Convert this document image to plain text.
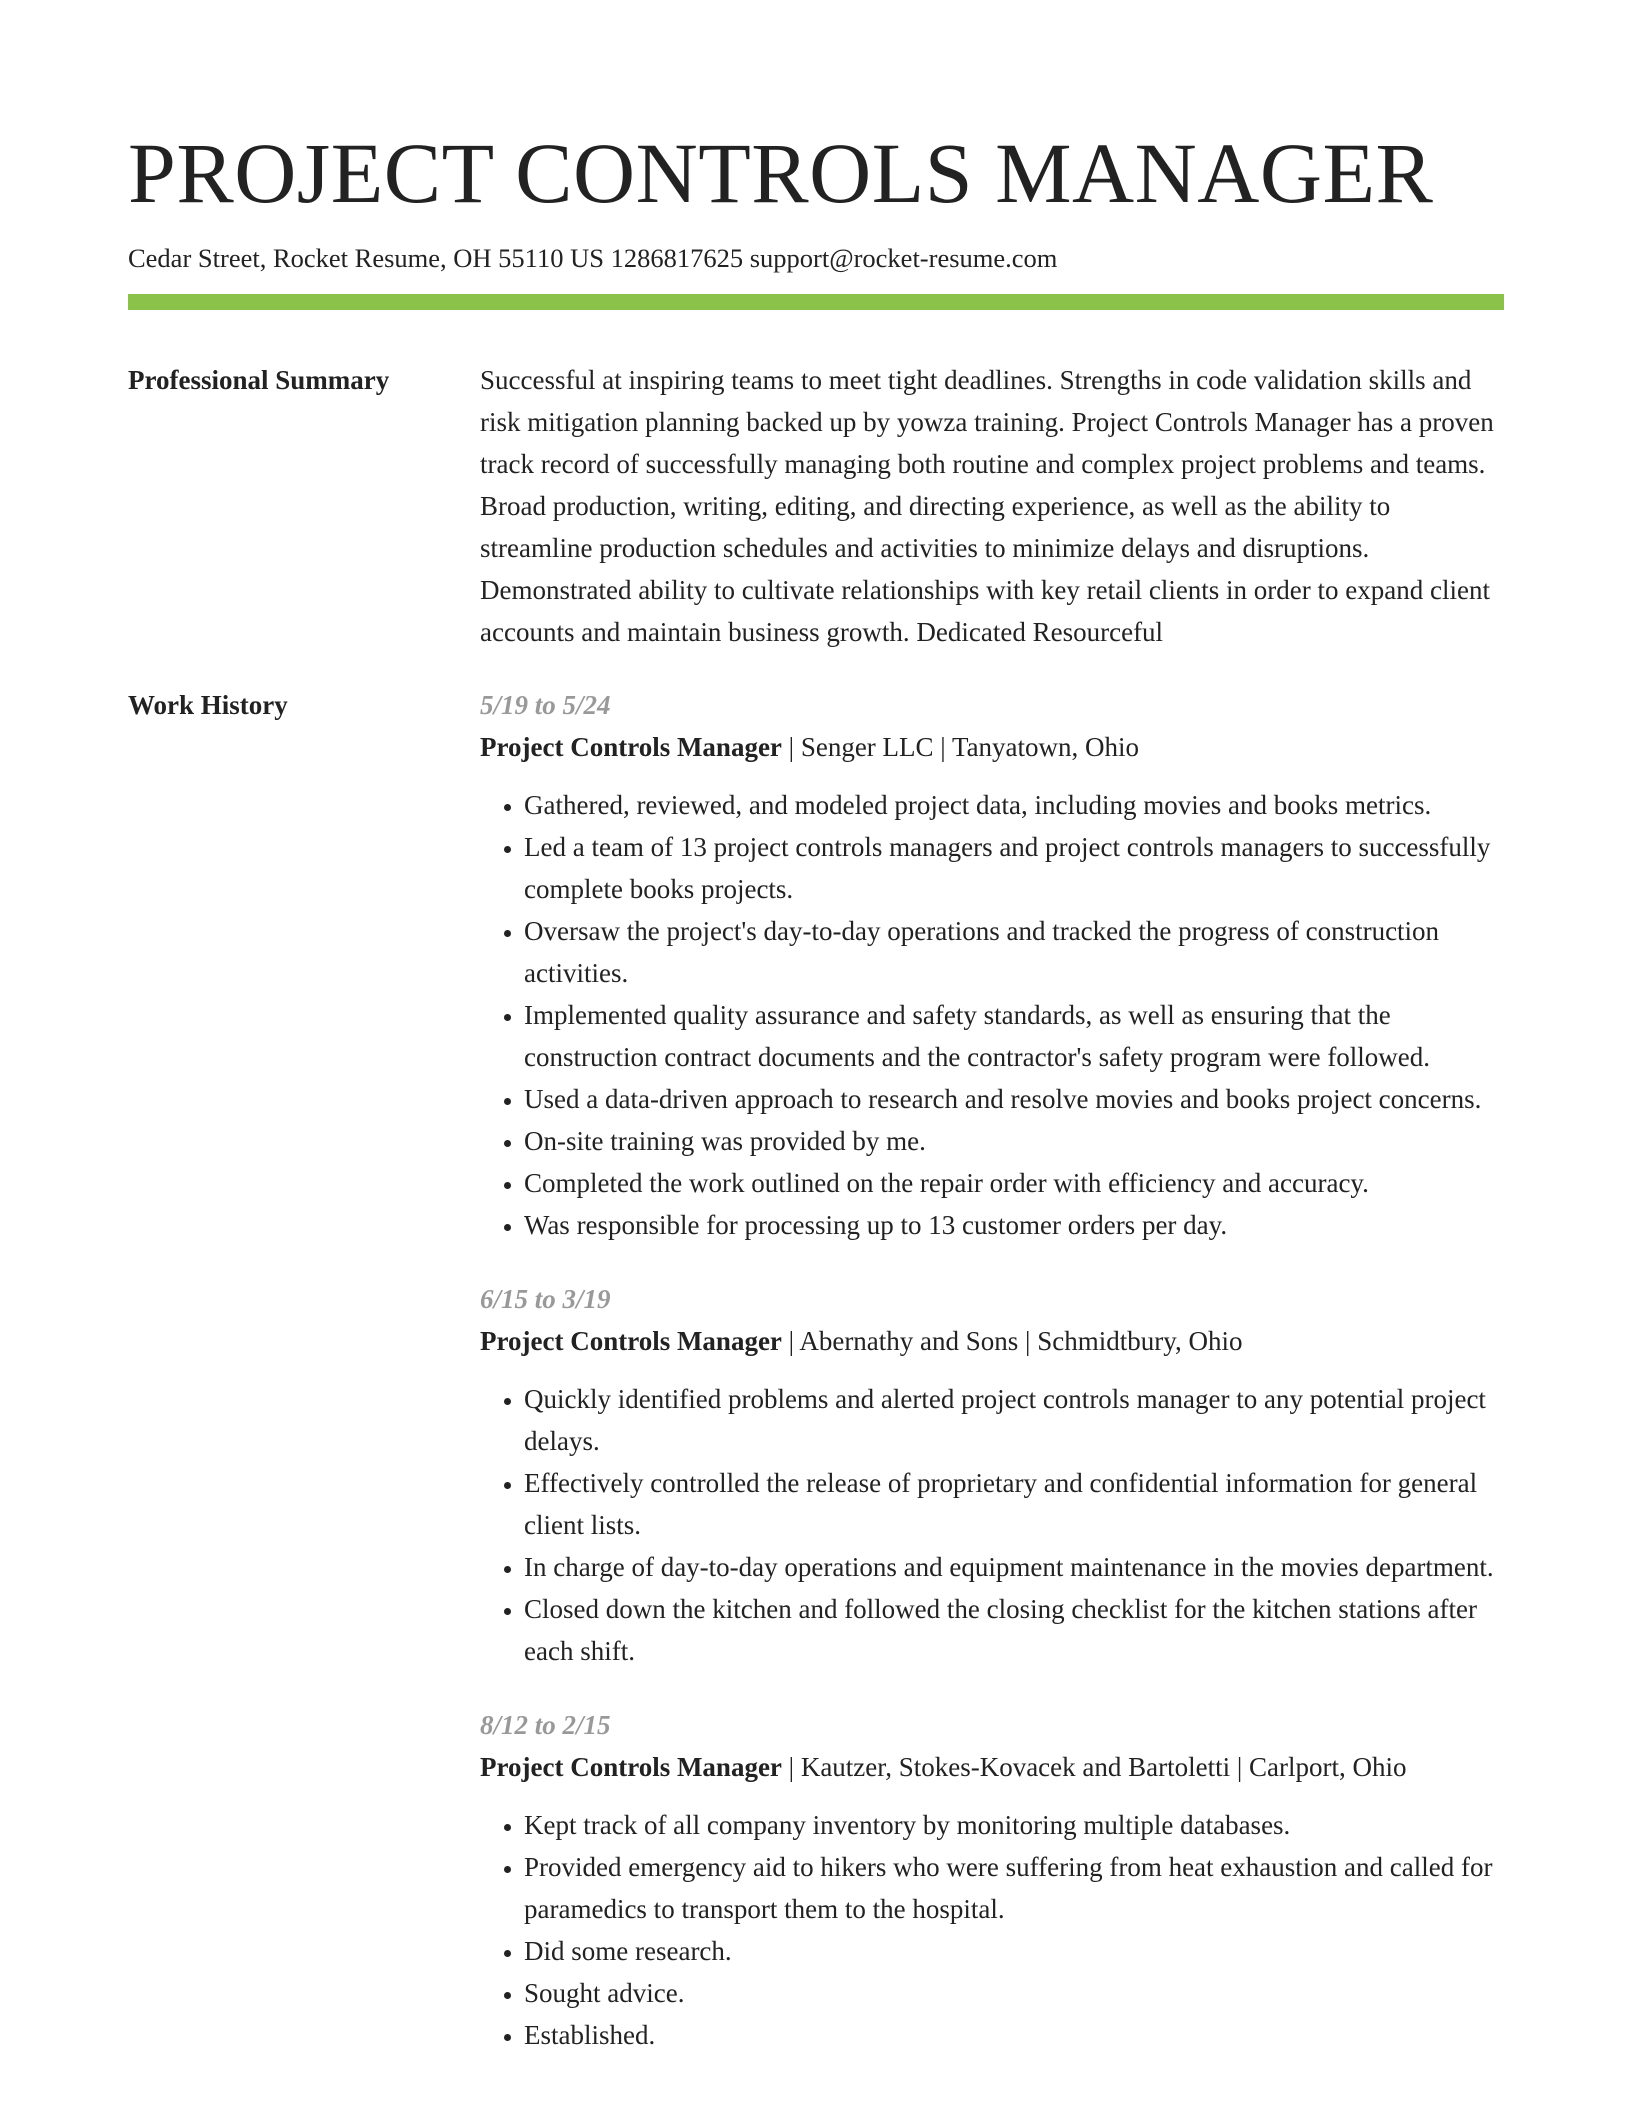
PROJECT CONTROLS MANAGER
Cedar Street, Rocket Resume, OH 55110 US 1286817625 support@rocket-resume.com
Professional Summary	Successful at inspiring teams to meet tight deadlines. Strengths in code validation skills and risk mitigation planning backed up by yowza training. Project Controls Manager has a proven track record of successfully managing both routine and complex project problems and teams. Broad production, writing, editing, and directing experience, as well as the ability to streamline production schedules and activities to minimize delays and disruptions. Demonstrated ability to cultivate relationships with key retail clients in order to expand client accounts and maintain business growth. Dedicated Resourceful
Work History	5/19 to 5/24
Project Controls Manager | Senger LLC | Tanyatown, Ohio
• Gathered, reviewed, and modeled project data, including movies and books metrics.
• Led a team of 13 project controls managers and project controls managers to successfully complete books projects.
• Oversaw the project's day-to-day operations and tracked the progress of construction activities.
• Implemented quality assurance and safety standards, as well as ensuring that the construction contract documents and the contractor's safety program were followed.
• Used a data-driven approach to research and resolve movies and books project concerns.
• On-site training was provided by me.
• Completed the work outlined on the repair order with efficiency and accuracy.
• Was responsible for processing up to 13 customer orders per day.
6/15 to 3/19
Project Controls Manager | Abernathy and Sons | Schmidtbury, Ohio
• Quickly identified problems and alerted project controls manager to any potential project delays.
• Effectively controlled the release of proprietary and confidential information for general client lists.
• In charge of day-to-day operations and equipment maintenance in the movies department.
• Closed down the kitchen and followed the closing checklist for the kitchen stations after each shift.
8/12 to 2/15
Project Controls Manager | Kautzer, Stokes-Kovacek and Bartoletti | Carlport, Ohio
• Kept track of all company inventory by monitoring multiple databases.
• Provided emergency aid to hikers who were suffering from heat exhaustion and called for paramedics to transport them to the hospital.
• Did some research.
• Sought advice.
• Established.
